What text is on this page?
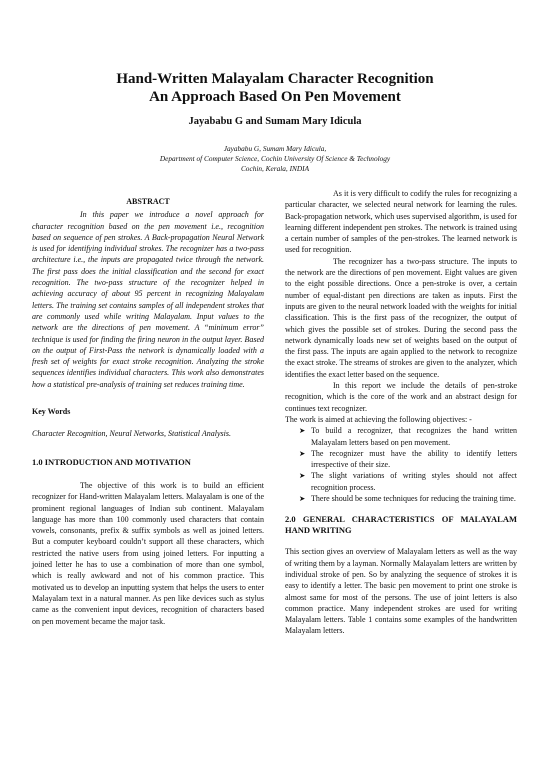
Hand-Written Malayalam Character Recognition
An Approach Based On Pen Movement
Jayababu G and Sumam Mary Idicula
Jayababu G, Sumam Mary Idicula,
Department of Computer Science, Cochin University Of Science & Technology
Cochin, Kerala, INDIA
ABSTRACT

In this paper we introduce a novel approach for character recognition based on the pen movement i.e., recognition based on sequence of pen strokes. A Back-propagation Neural Network is used for identifying individual strokes. The recognizer has a two-pass architecture i.e., the inputs are propagated twice through the network. The first pass does the initial classification and the second for exact recognition. The two-pass structure of the recognizer helped in achieving accuracy of about 95 percent in recognizing Malayalam letters. The training set contains samples of all independent strokes that are commonly used while writing Malayalam. Input values to the network are the directions of pen movement. A “minimum error” technique is used for finding the firing neuron in the output layer. Based on the output of First-Pass the network is dynamically loaded with a fresh set of weights for exact stroke recognition. Analyzing the stroke sequences identifies individual characters. This work also demonstrates how a statistical pre-analysis of training set reduces training time.

Key Words

Character Recognition, Neural Networks, Statistical Analysis.

1.0 INTRODUCTION AND MOTIVATION

The objective of this work is to build an efficient recognizer for Hand-written Malayalam letters. Malayalam is one of the prominent regional languages of Indian sub continent. Malayalam language has more than 100 commonly used characters that contain vowels, consonants, prefix & suffix symbols as well as joined letters. But a computer keyboard couldn’t support all these characters, which restricted the native users from using joined letters. For inputting a joined letter he has to use a combination of more than one symbol, which is really awkward and not of his common practice. This motivated us to develop an inputting system that helps the users to enter Malayalam text in a natural manner. As pen like devices such as stylus came as the convenient input devices, recognition of characters based on pen movement became the major task.

As it is very difficult to codify the rules for recognizing a particular character, we selected neural network for learning the rules. Back-propagation network, which uses supervised algorithm, is used for learning different independent pen strokes. The network is trained using a certain number of samples of the pen-strokes. The learned network is used for recognition.

The recognizer has a two-pass structure. The inputs to the network are the directions of pen movement. Eight values are given to the eight possible directions. Once a pen-stroke is over, a certain number of equal-distant pen directions are taken as inputs. First the inputs are given to the neural network loaded with the weights for initial classification. This is the first pass of the recognizer, the output of which gives the possible set of strokes. During the second pass the network dynamically loads new set of weights based on the output of the first pass. The inputs are again applied to the network to recognize the exact stroke. The streams of strokes are given to the analyzer, which identifies the exact letter based on the sequence.

In this report we include the details of pen-stroke recognition, which is the core of the work and an abstract design for continues text recognizer.

The work is aimed at achieving the following objectives: -

➤ To build a recognizer, that recognizes the hand written Malayalam letters based on pen movement.
➤ The recognizer must have the ability to identify letters irrespective of their size.
➤ The slight variations of writing styles should not affect recognition process.
➤ There should be some techniques for reducing the training time.
2.0 GENERAL CHARACTERISTICS OF MALAYALAM HAND WRITING

This section gives an overview of Malayalam letters as well as the way of writing them by a layman. Normally Malayalam letters are written by individual stroke of pen. So by analyzing the sequence of strokes it is easy to identify a letter. The basic pen movement to print one stroke is almost same for most of the persons. The use of joint letters is also common practice. Many independent strokes are used for writing Malayalam letters. Table 1 contains some examples of the handwritten Malayalam letters.
